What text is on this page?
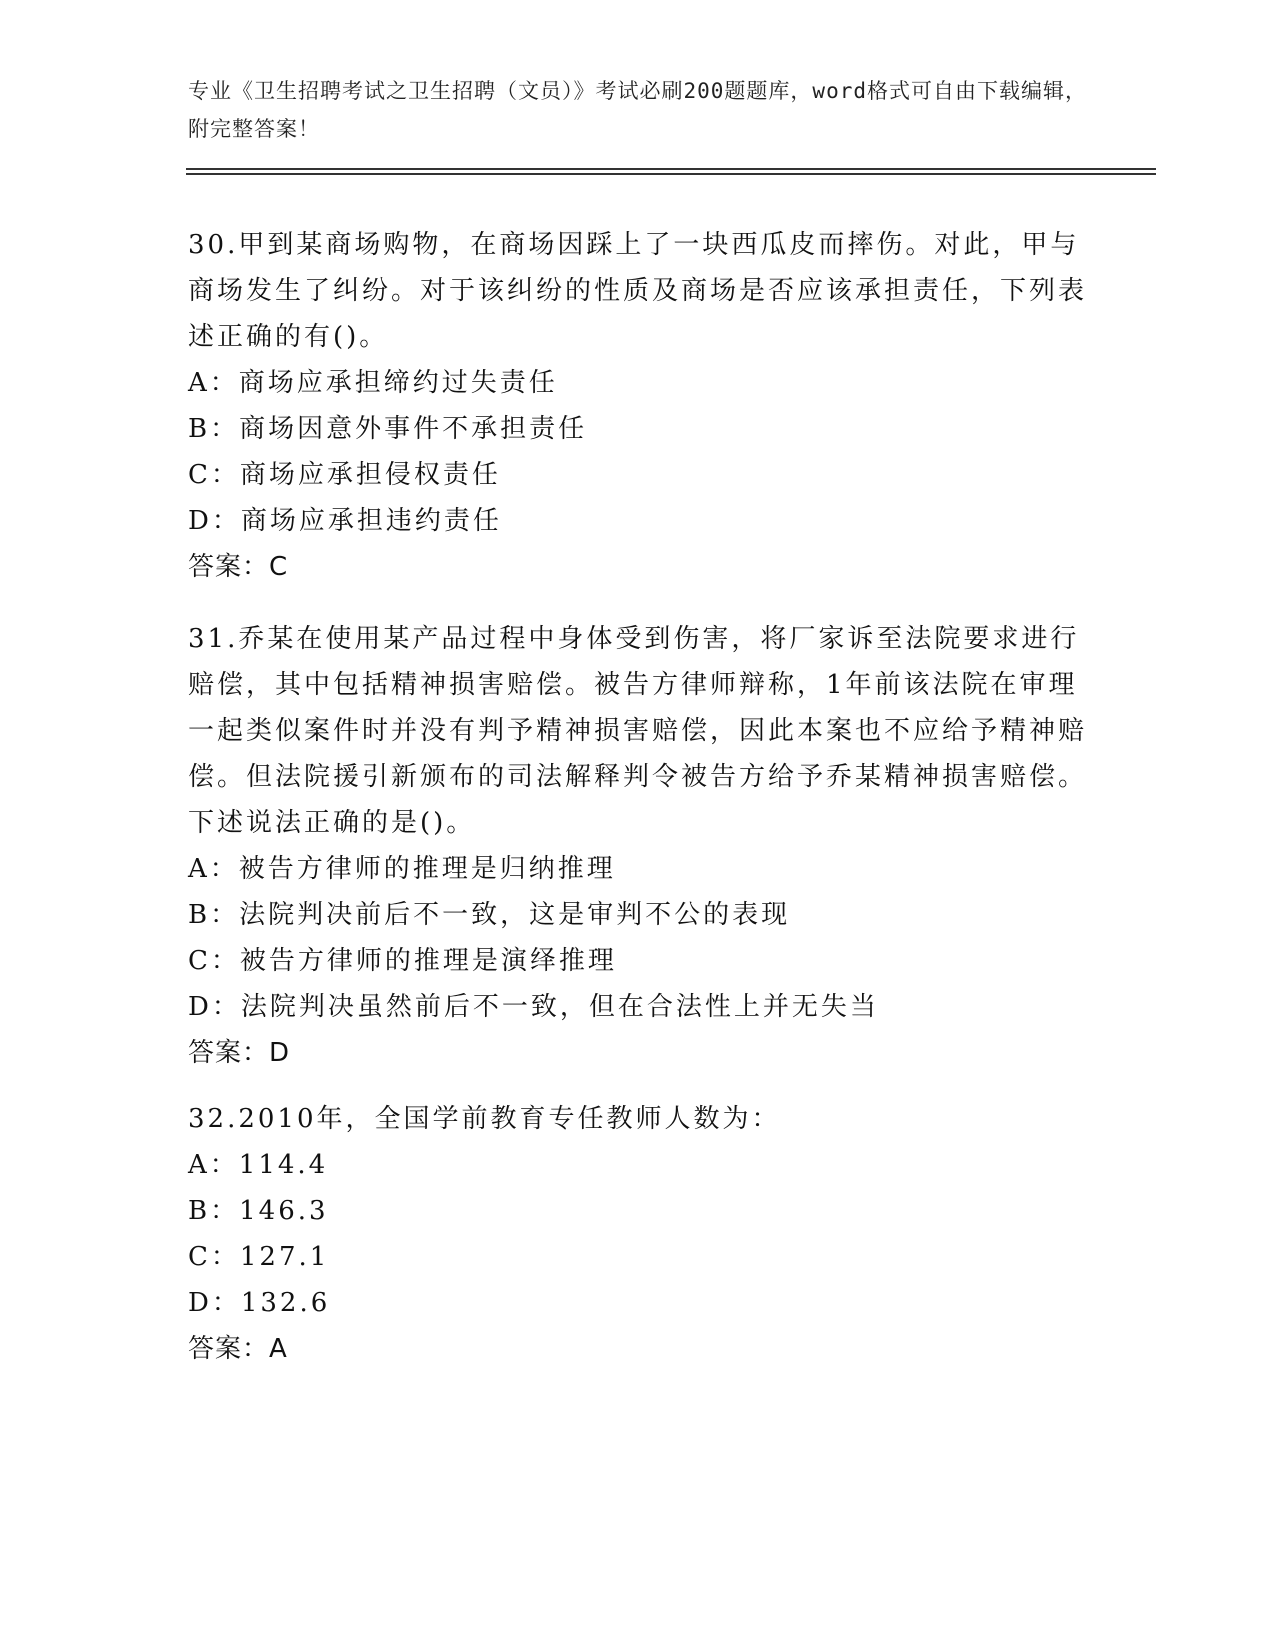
专业《卫生招聘考试之卫生招聘（文员）》考试必刷200题题库，word格式可自由下载编辑，附完整答案！
30.甲到某商场购物，在商场因踩上了一块西瓜皮而摔伤。对此，甲与商场发生了纠纷。对于该纠纷的性质及商场是否应该承担责任，下列表述正确的有()。
A：商场应承担缔约过失责任
B：商场因意外事件不承担责任
C：商场应承担侵权责任
D：商场应承担违约责任
答案：C
31.乔某在使用某产品过程中身体受到伤害，将厂家诉至法院要求进行赔偿，其中包括精神损害赔偿。被告方律师辩称，1年前该法院在审理一起类似案件时并没有判予精神损害赔偿，因此本案也不应给予精神赔偿。但法院援引新颁布的司法解释判令被告方给予乔某精神损害赔偿。下述说法正确的是()。
A：被告方律师的推理是归纳推理
B：法院判决前后不一致，这是审判不公的表现
C：被告方律师的推理是演绎推理
D：法院判决虽然前后不一致，但在合法性上并无失当
答案：D
32.2010年，全国学前教育专任教师人数为：
A：114.4
B：146.3
C：127.1
D：132.6
答案：A
